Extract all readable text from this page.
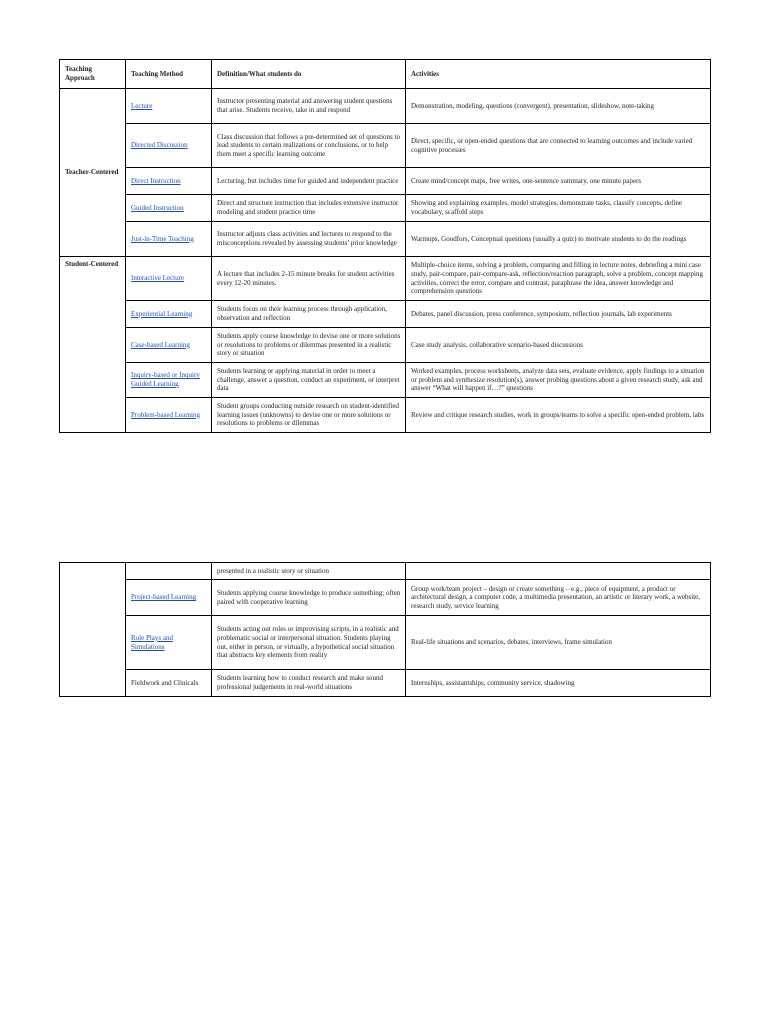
Teaching Approach	Teaching Method	Definition/What students do	Activities
Teacher-Centered	Lecture	Instructor presenting material and answering student questions that arise. Students receive, take in and respond	Demonstration, modeling, questions (convergent), presentation, slideshow, note-taking
	Directed Discussion	Class discussion that follows a pre-determined set of questions to lead students to certain realizations or conclusions, or to help them meet a specific learning outcome	Direct, specific, or open-ended questions that are connected to learning outcomes and include varied cognitive processes
	Direct Instruction	Lecturing, but includes time for guided and independent practice	Create mind/concept maps, free writes, one-sentence summary, one minute papers
	Guided Instruction	Direct and structure instruction that includes extensive instructor modeling and student practice time	Showing and explaining examples, model strategies, demonstrate tasks, classify concepts, define vocabulary, scaffold steps
	Just-in-Time Teaching	Instructor adjusts class activities and lectures to respond to the misconceptions revealed by assessing students’ prior knowledge	Warmups, Goodfors, Conceptual questions (usually a quiz) to motivate students to do the readings
Student-Centered	Interactive Lecture	A lecture that includes 2-15 minute breaks for student activities every 12-20 minutes.	Multiple-choice items, solving a problem, comparing and filling in lecture notes, debriefing a mini case study, pair-compare, pair-compare-ask, reflection/reaction paragraph, solve a problem, concept mapping activities, correct the error, compare and contrast, paraphrase the idea, answer knowledge and comprehension questions
	Experiential Learning	Students focus on their learning process through application, observation and reflection	Debates, panel discussion, press conference, symposium, reflection journals, lab experiments
	Case-based Learning	Students apply course knowledge to devise one or more solutions or resolutions to problems or dilemmas presented in a realistic story or situation	Case study analysis, collaborative scenario-based discussions
	Inquiry-based or Inquiry Guided Learning	Students learning or applying material in order to meet a challenge, answer a question, conduct an experiment, or interpret data	Worked examples, process worksheets, analyze data sets, evaluate evidence, apply findings to a situation or problem and synthesize resolution(s), answer probing questions about a given research study, ask and answer “What will happen if…?” questions
	Problem-based Learning	Student groups conducting outside research on student-identified learning issues (unknowns) to devise one or more solutions or resolutions to problems or dilemmas	Review and critique research studies, work in groups/teams to solve a specific open-ended problem, labs
		presented in a realistic story or situation	
	Project-based Learning	Students applying course knowledge to produce something; often paired with cooperative learning	Group work/team project – design or create something – e.g., piece of equipment, a product or architectural design, a computer code, a multimedia presentation, an artistic or literary work, a website, research study, service learning
	Role Plays and Simulations	Students acting out roles or improvising scripts, in a realistic and problematic social or interpersonal situation. Students playing out, either in person, or virtually, a hypothetical social situation that abstracts key elements from reality	Real-life situations and scenarios, debates, interviews, frame simulation
	Fieldwork and Clinicals	Students learning how to conduct research and make sound professional judgements in real-world situations	Internships, assistantships, community service, shadowing
